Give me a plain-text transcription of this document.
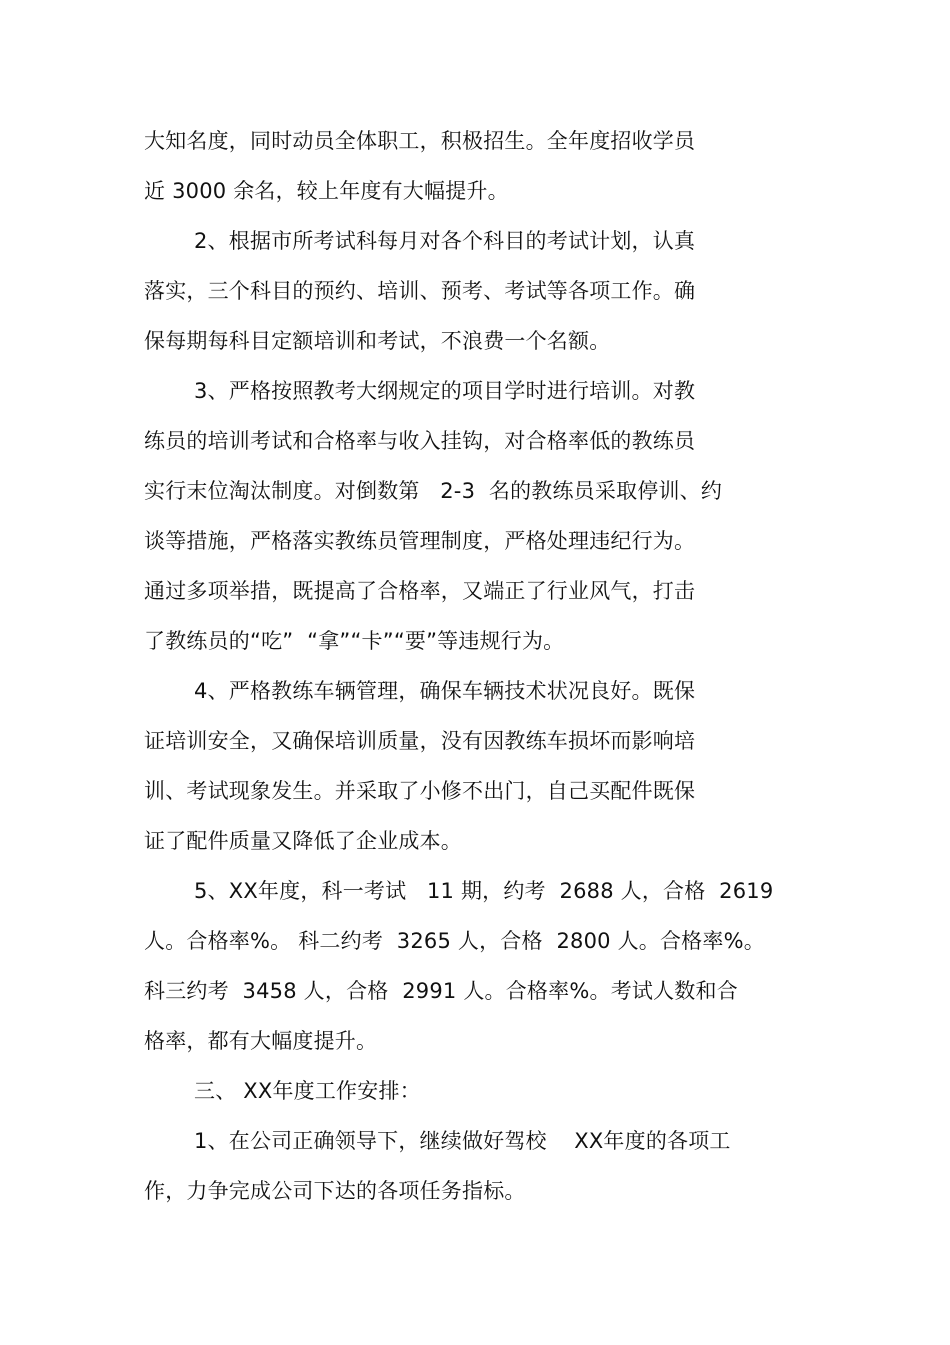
大知名度，同时动员全体职工，积极招生。全年度招收学员
近 3000 余名，较上年度有大幅提升。
2、根据市所考试科每月对各个科目的考试计划，认真
落实，三个科目的预约、培训、预考、考试等各项工作。确
保每期每科目定额培训和考试，不浪费一个名额。
3、严格按照教考大纲规定的项目学时进行培训。对教
练员的培训考试和合格率与收入挂钩，对合格率低的教练员
实行末位淘汰制度。对倒数第   2-3  名的教练员采取停训、约
谈等措施，严格落实教练员管理制度，严格处理违纪行为。
通过多项举措，既提高了合格率，又端正了行业风气，打击
了教练员的“吃”  “拿”“卡”“要”等违规行为。
4、严格教练车辆管理，确保车辆技术状况良好。既保
证培训安全，又确保培训质量，没有因教练车损坏而影响培
训、考试现象发生。并采取了小修不出门，自己买配件既保
证了配件质量又降低了企业成本。
5、XX年度，科一考试   11 期，约考  2688 人，合格  2619
人。合格率%。 科二约考  3265 人，合格  2800 人。合格率%。
科三约考  3458 人，合格  2991 人。合格率%。考试人数和合
格率，都有大幅度提升。
三、 XX年度工作安排：
1、在公司正确领导下，继续做好驾校    XX年度的各项工
作，力争完成公司下达的各项任务指标。
